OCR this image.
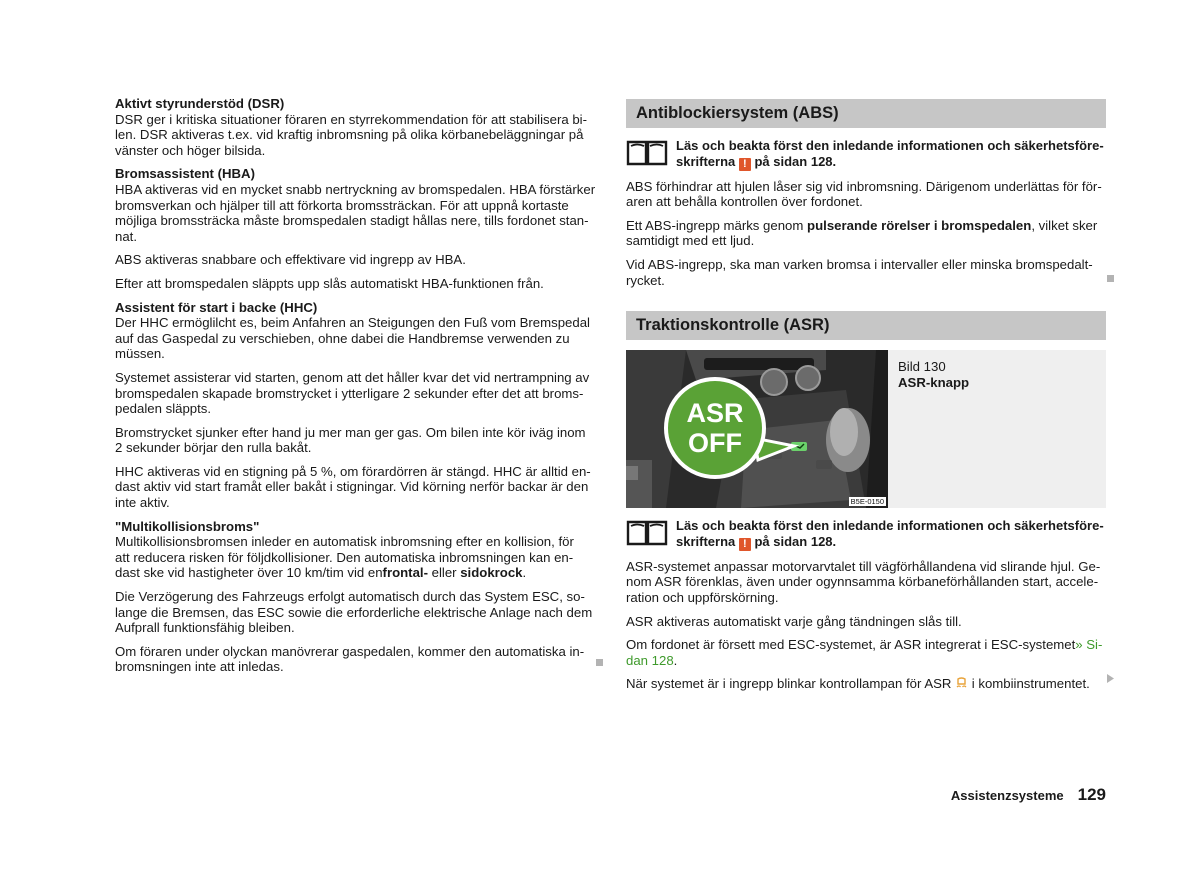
Aktivt styrunderstöd (DSR)

DSR ger i kritiska situationer föraren en styrrekommendation för att stabilisera bi-

len. DSR aktiveras t.ex. vid kraftig inbromsning på olika körbanebeläggningar på

vänster och höger bilsida.

Bromsassistent (HBA)

HBA aktiveras vid en mycket snabb nertryckning av bromspedalen. HBA förstärker

bromsverkan och hjälper till att förkorta bromssträckan. För att uppnå kortaste

möjliga bromssträcka måste bromspedalen stadigt hållas nere, tills fordonet stan-

nat.

ABS aktiveras snabbare och effektivare vid ingrepp av HBA.

Efter att bromspedalen släppts upp slås automatiskt HBA-funktionen från.

Assistent för start i backe (HHC)

Der HHC ermöglilcht es, beim Anfahren an Steigungen den Fuß vom Bremspedal

auf das Gaspedal zu verschieben, ohne dabei die Handbremse verwenden zu

müssen.

Systemet assisterar vid starten, genom att det håller kvar det vid nertrampning av

bromspedalen skapade bromstrycket i ytterligare 2 sekunder efter det att broms-

pedalen släppts.

Bromstrycket sjunker efter hand ju mer man ger gas. Om bilen inte kör iväg inom

2 sekunder börjar den rulla bakåt.

HHC aktiveras vid en stigning på 5 %, om förardörren är stängd. HHC är alltid en-

dast aktiv vid start framåt eller bakåt i stigningar. Vid körning nerför backar är den

inte aktiv.

"Multikollisionsbroms"

Multikollisionsbromsen inleder en automatisk inbromsning efter en kollision, för

att reducera risken för följdkollisioner. Den automatiska inbromsningen kan en-

dast ske vid hastigheter över 10 km/tim vid enfrontal- eller sidokrock.

Die Verzögerung des Fahrzeugs erfolgt automatisch durch das System ESC, so-

lange die Bremsen, das ESC sowie die erforderliche elektrische Anlage nach dem

Aufprall funktionsfähig bleiben.

Om föraren under olyckan manövrerar gaspedalen, kommer den automatiska in-

bromsningen inte att inledas.

Antiblockiersystem (ABS)
Läs och beakta först den inledande informationen och säkerhetsföre-
skrifterna ! på sidan 128.
ABS förhindrar att hjulen låser sig vid inbromsning. Därigenom underlättas för för-
aren att behålla kontrollen över fordonet.
Ett ABS-ingrepp märks genom pulserande rörelser i bromspedalen, vilket sker
samtidigt med ett ljud.
Vid ABS-ingrepp, ska man varken bromsa i intervaller eller minska bromspedalt-
rycket.
Traktionskontrolle (ASR)
ASR
OFF
B5E-0150
Bild 130
ASR-knapp
Läs och beakta först den inledande informationen och säkerhetsföre-
skrifterna ! på sidan 128.
ASR-systemet anpassar motorvarvtalet till vägförhållandena vid slirande hjul. Ge-
nom ASR förenklas, även under ogynnsamma körbaneförhållanden start, accele-
ration och uppförskörning.
ASR aktiveras automatiskt varje gång tändningen slås till.
Om fordonet är försett med ESC-systemet, är ASR integrerat i ESC-systemet» Si-
dan 128.
När systemet är i ingrepp blinkar kontrollampan för ASR  i kombiinstrumentet.
Assistenzsysteme 129
